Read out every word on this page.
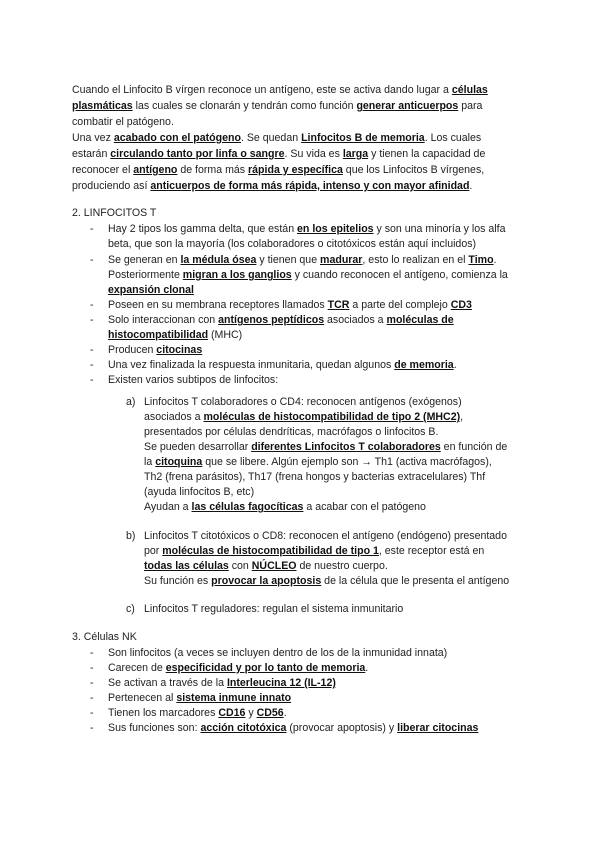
Cuando el Linfocito B vírgen reconoce un antígeno, este se activa dando lugar a células
plasmáticas las cuales se clonarán y tendrán como función generar anticuerpos para
combatir el patógeno.
Una vez acabado con el patógeno. Se quedan Linfocitos B de memoria. Los cuales
estarán circulando tanto por linfa o sangre. Su vida es larga y tienen la capacidad de
reconocer el antígeno de forma más rápida y específica que los Linfocitos B vírgenes,
produciendo así anticuerpos de forma más rápida, intenso y con mayor afinidad.
2. LINFOCITOS T
- Hay 2 tipos los gamma delta, que están en los epitelios y son una minoría y los alfa
beta, que son la mayoría (los colaboradores o citotóxicos están aquí incluidos)
- Se generan en la médula ósea y tienen que madurar, esto lo realizan en el Timo.
Posteriormente migran a los ganglios y cuando reconocen el antígeno, comienza la
expansión clonal
- Poseen en su membrana receptores llamados TCR a parte del complejo CD3
- Solo interaccionan con antígenos peptídicos asociados a moléculas de
histocompatibilidad (MHC)
- Producen citocinas
- Una vez finalizada la respuesta inmunitaria, quedan algunos de memoria.
- Existen varios subtipos de linfocitos:
a) Linfocitos T colaboradores o CD4: reconocen antígenos (exógenos)
asociados a moléculas de histocompatibilidad de tipo 2 (MHC2),
presentados por células dendríticas, macrófagos o linfocitos B.
Se pueden desarrollar diferentes Linfocitos T colaboradores en función de
la citoquina que se libere. Algún ejemplo son → Th1 (activa macrófagos),
Th2 (frena parásitos), Th17 (frena hongos y bacterias extracelulares) Thf
(ayuda linfocitos B, etc)
Ayudan a las células fagocíticas a acabar con el patógeno
b) Linfocitos T citotóxicos o CD8: reconocen el antígeno (endógeno) presentado
por moléculas de histocompatibilidad de tipo 1, este receptor está en
todas las células con NÚCLEO de nuestro cuerpo.
Su función es provocar la apoptosis de la célula que le presenta el antígeno
c) Linfocitos T reguladores: regulan el sistema inmunitario
3. Células NK
- Son linfocitos (a veces se incluyen dentro de los de la inmunidad innata)
- Carecen de especificidad y por lo tanto de memoria.
- Se activan a través de la Interleucina 12 (IL-12)
- Pertenecen al sistema inmune innato
- Tienen los marcadores CD16 y CD56.
- Sus funciones son: acción citotóxica (provocar apoptosis) y liberar citocinas
